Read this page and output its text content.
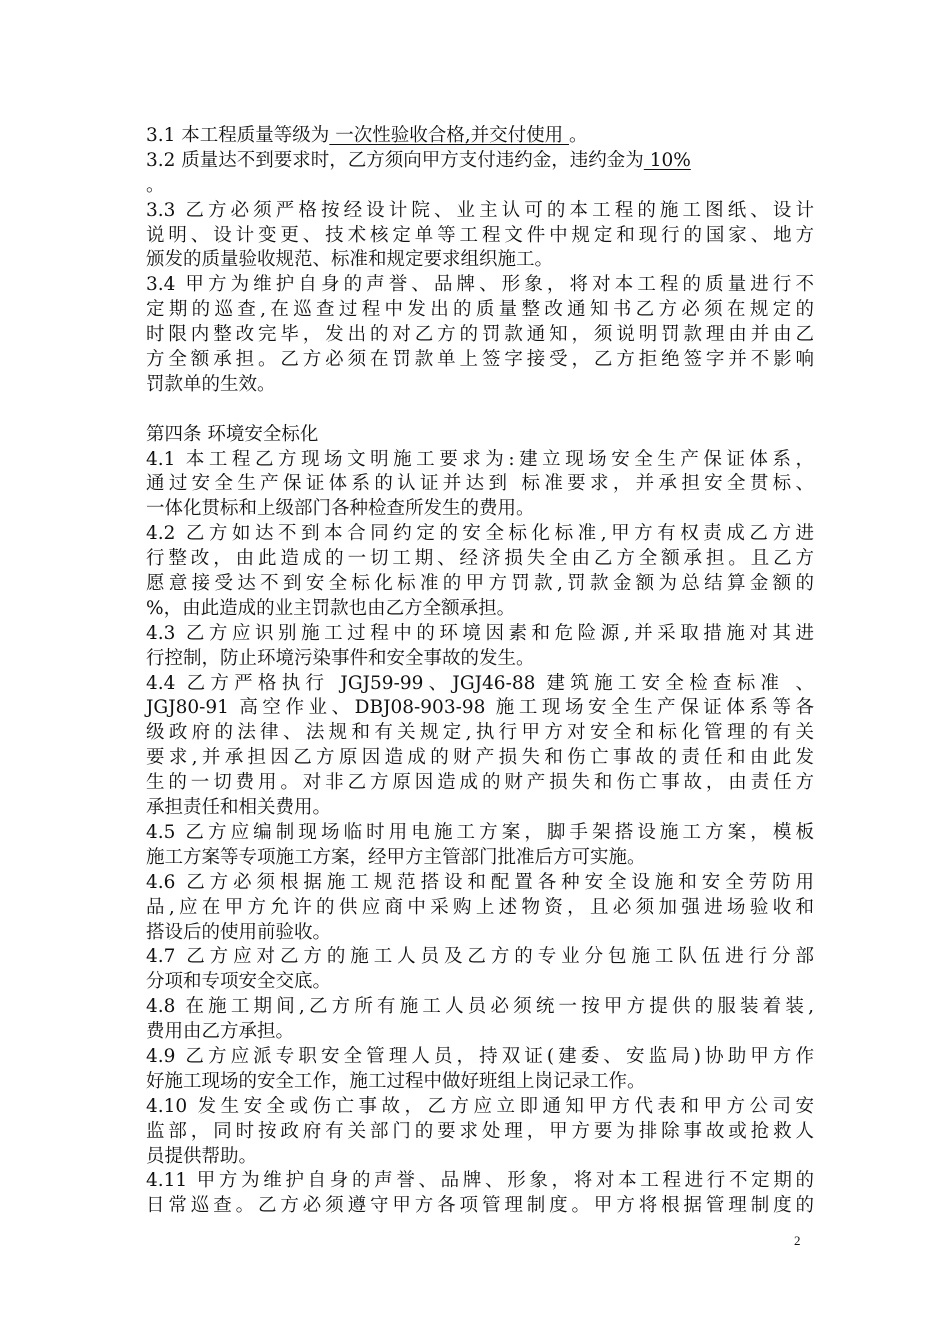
3.1 本工程质量等级为 一次性验收合格,并交付使用 。
3.2 质量达不到要求时，乙方须向甲方支付违约金，违约金为 10%
。
3.3 乙方必须严格按经设计院、业主认可的本工程的施工图纸、设计
说明、设计变更、技术核定单等工程文件中规定和现行的国家、地方
颁发的质量验收规范、标准和规定要求组织施工。
3.4 甲方为维护自身的声誉、品牌、形象，将对本工程的质量进行不
定期的巡查,在巡查过程中发出的质量整改通知书乙方必须在规定的
时限内整改完毕，发出的对乙方的罚款通知，须说明罚款理由并由乙
方全额承担。乙方必须在罚款单上签字接受，乙方拒绝签字并不影响
罚款单的生效。
第四条 环境安全标化
4.1 本工程乙方现场文明施工要求为:建立现场安全生产保证体系，
通过安全生产保证体系的认证并达到 标准要求，并承担安全贯标、
一体化贯标和上级部门各种检查所发生的费用。
4.2 乙方如达不到本合同约定的安全标化标准,甲方有权责成乙方进
行整改，由此造成的一切工期、经济损失全由乙方全额承担。且乙方
愿意接受达不到安全标化标准的甲方罚款,罚款金额为总结算金额的
%，由此造成的业主罚款也由乙方全额承担。
4.3 乙方应识别施工过程中的环境因素和危险源,并采取措施对其进
行控制，防止环境污染事件和安全事故的发生。
4.4 乙方严格执行 JGJ59-99、JGJ46-88 建筑施工安全检查标准 、
JGJ80-91 高空作业、DBJ08-903-98 施工现场安全生产保证体系等各
级政府的法律、法规和有关规定,执行甲方对安全和标化管理的有关
要求,并承担因乙方原因造成的财产损失和伤亡事故的责任和由此发
生的一切费用。对非乙方原因造成的财产损失和伤亡事故，由责任方
承担责任和相关费用。
4.5 乙方应编制现场临时用电施工方案，脚手架搭设施工方案，模板
施工方案等专项施工方案，经甲方主管部门批准后方可实施。
4.6 乙方必须根据施工规范搭设和配置各种安全设施和安全劳防用
品,应在甲方允许的供应商中采购上述物资，且必须加强进场验收和
搭设后的使用前验收。
4.7 乙方应对乙方的施工人员及乙方的专业分包施工队伍进行分部
分项和专项安全交底。
4.8 在施工期间,乙方所有施工人员必须统一按甲方提供的服装着装,
费用由乙方承担。
4.9 乙方应派专职安全管理人员，持双证(建委、安监局)协助甲方作
好施工现场的安全工作，施工过程中做好班组上岗记录工作。
4.10 发生安全或伤亡事故，乙方应立即通知甲方代表和甲方公司安
监部，同时按政府有关部门的要求处理，甲方要为排除事故或抢救人
员提供帮助。
4.11 甲方为维护自身的声誉、品牌、形象，将对本工程进行不定期的
日常巡查。乙方必须遵守甲方各项管理制度。甲方将根据管理制度的
2
